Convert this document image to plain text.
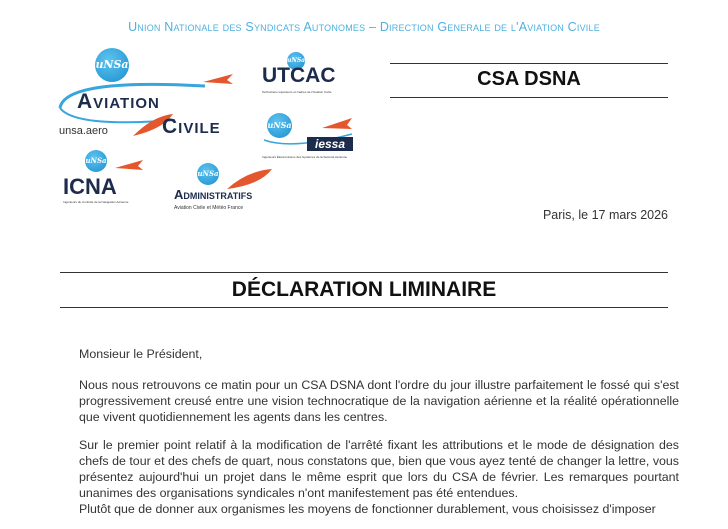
Union Nationale des Syndicats Autonomes – Direction Generale de l'Aviation Civile
uNSa
Aviation
Civile
unsa.aero
uNSa
UTCAC
Techniciens supérieurs et Cadres de l'Aviation Civile
uNSa
iessa
Ingénieurs Électroniciens des Systèmes de la Sécurité Aérienne
uNSa
ICNA
Ingénieurs du Contrôle de la Navigation Aérienne
uNSa
Administratifs
Aviation Civile et Météo France
CSA DSNA
Paris, le 17 mars 2026
DÉCLARATION LIMINAIRE
Monsieur le Président,

Nous nous retrouvons ce matin pour un CSA DSNA dont l'ordre du jour illustre parfaitement le fossé qui s'est progressivement creusé entre une vision technocratique de la navigation aérienne et la réalité opérationnelle que vivent quotidiennement les agents dans les centres.

Sur le premier point relatif à la modification de l'arrêté fixant les attributions et le mode de désignation des chefs de tour et des chefs de quart, nous constatons que, bien que vous ayez tenté de changer la lettre, vous présentez aujourd'hui un projet dans le même esprit que lors du CSA de février. Les remarques pourtant unanimes des organisations syndicales n'ont manifestement pas été entendues.

Plutôt que de donner aux organismes les moyens de fonctionner durablement, vous choisissez d'imposer
